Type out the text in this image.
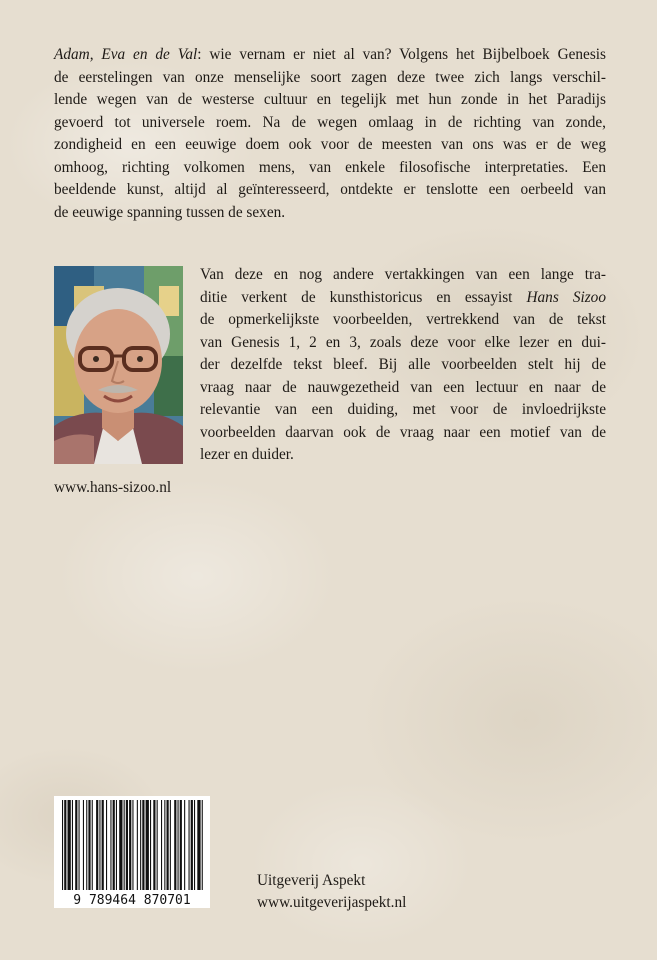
Adam, Eva en de Val: wie vernam er niet al van? Volgens het Bijbelboek Genesis
de eerstelingen van onze menselijke soort zagen deze twee zich langs verschil-
lende wegen van de westerse cultuur en tegelijk met hun zonde in het Paradijs
gevoerd tot universele roem. Na de wegen omlaag in de richting van zonde,
zondigheid en een eeuwige doem ook voor de meesten van ons was er de weg
omhoog, richting volkomen mens, van enkele filosofische interpretaties. Een
beeldende kunst, altijd al geïnteresseerd, ontdekte er tenslotte een oerbeeld van
de eeuwige spanning tussen de sexen.

Van deze en nog andere vertakkingen van een lange tra-
ditie verkent de kunsthistoricus en essayist Hans Sizoo
de opmerkelijkste voorbeelden, vertrekkend van de tekst
van Genesis 1, 2 en 3, zoals deze voor elke lezer en dui-
der dezelfde tekst bleef. Bij alle voorbeelden stelt hij de
vraag naar de nauwgezetheid van een lectuur en naar de
relevantie van een duiding, met voor de invloedrijkste
voorbeelden daarvan ook de vraag naar een motief van de
lezer en duider.

www.hans-sizoo.nl
9 789464 870701
Uitgeverij Aspekt
www.uitgeverijaspekt.nl
